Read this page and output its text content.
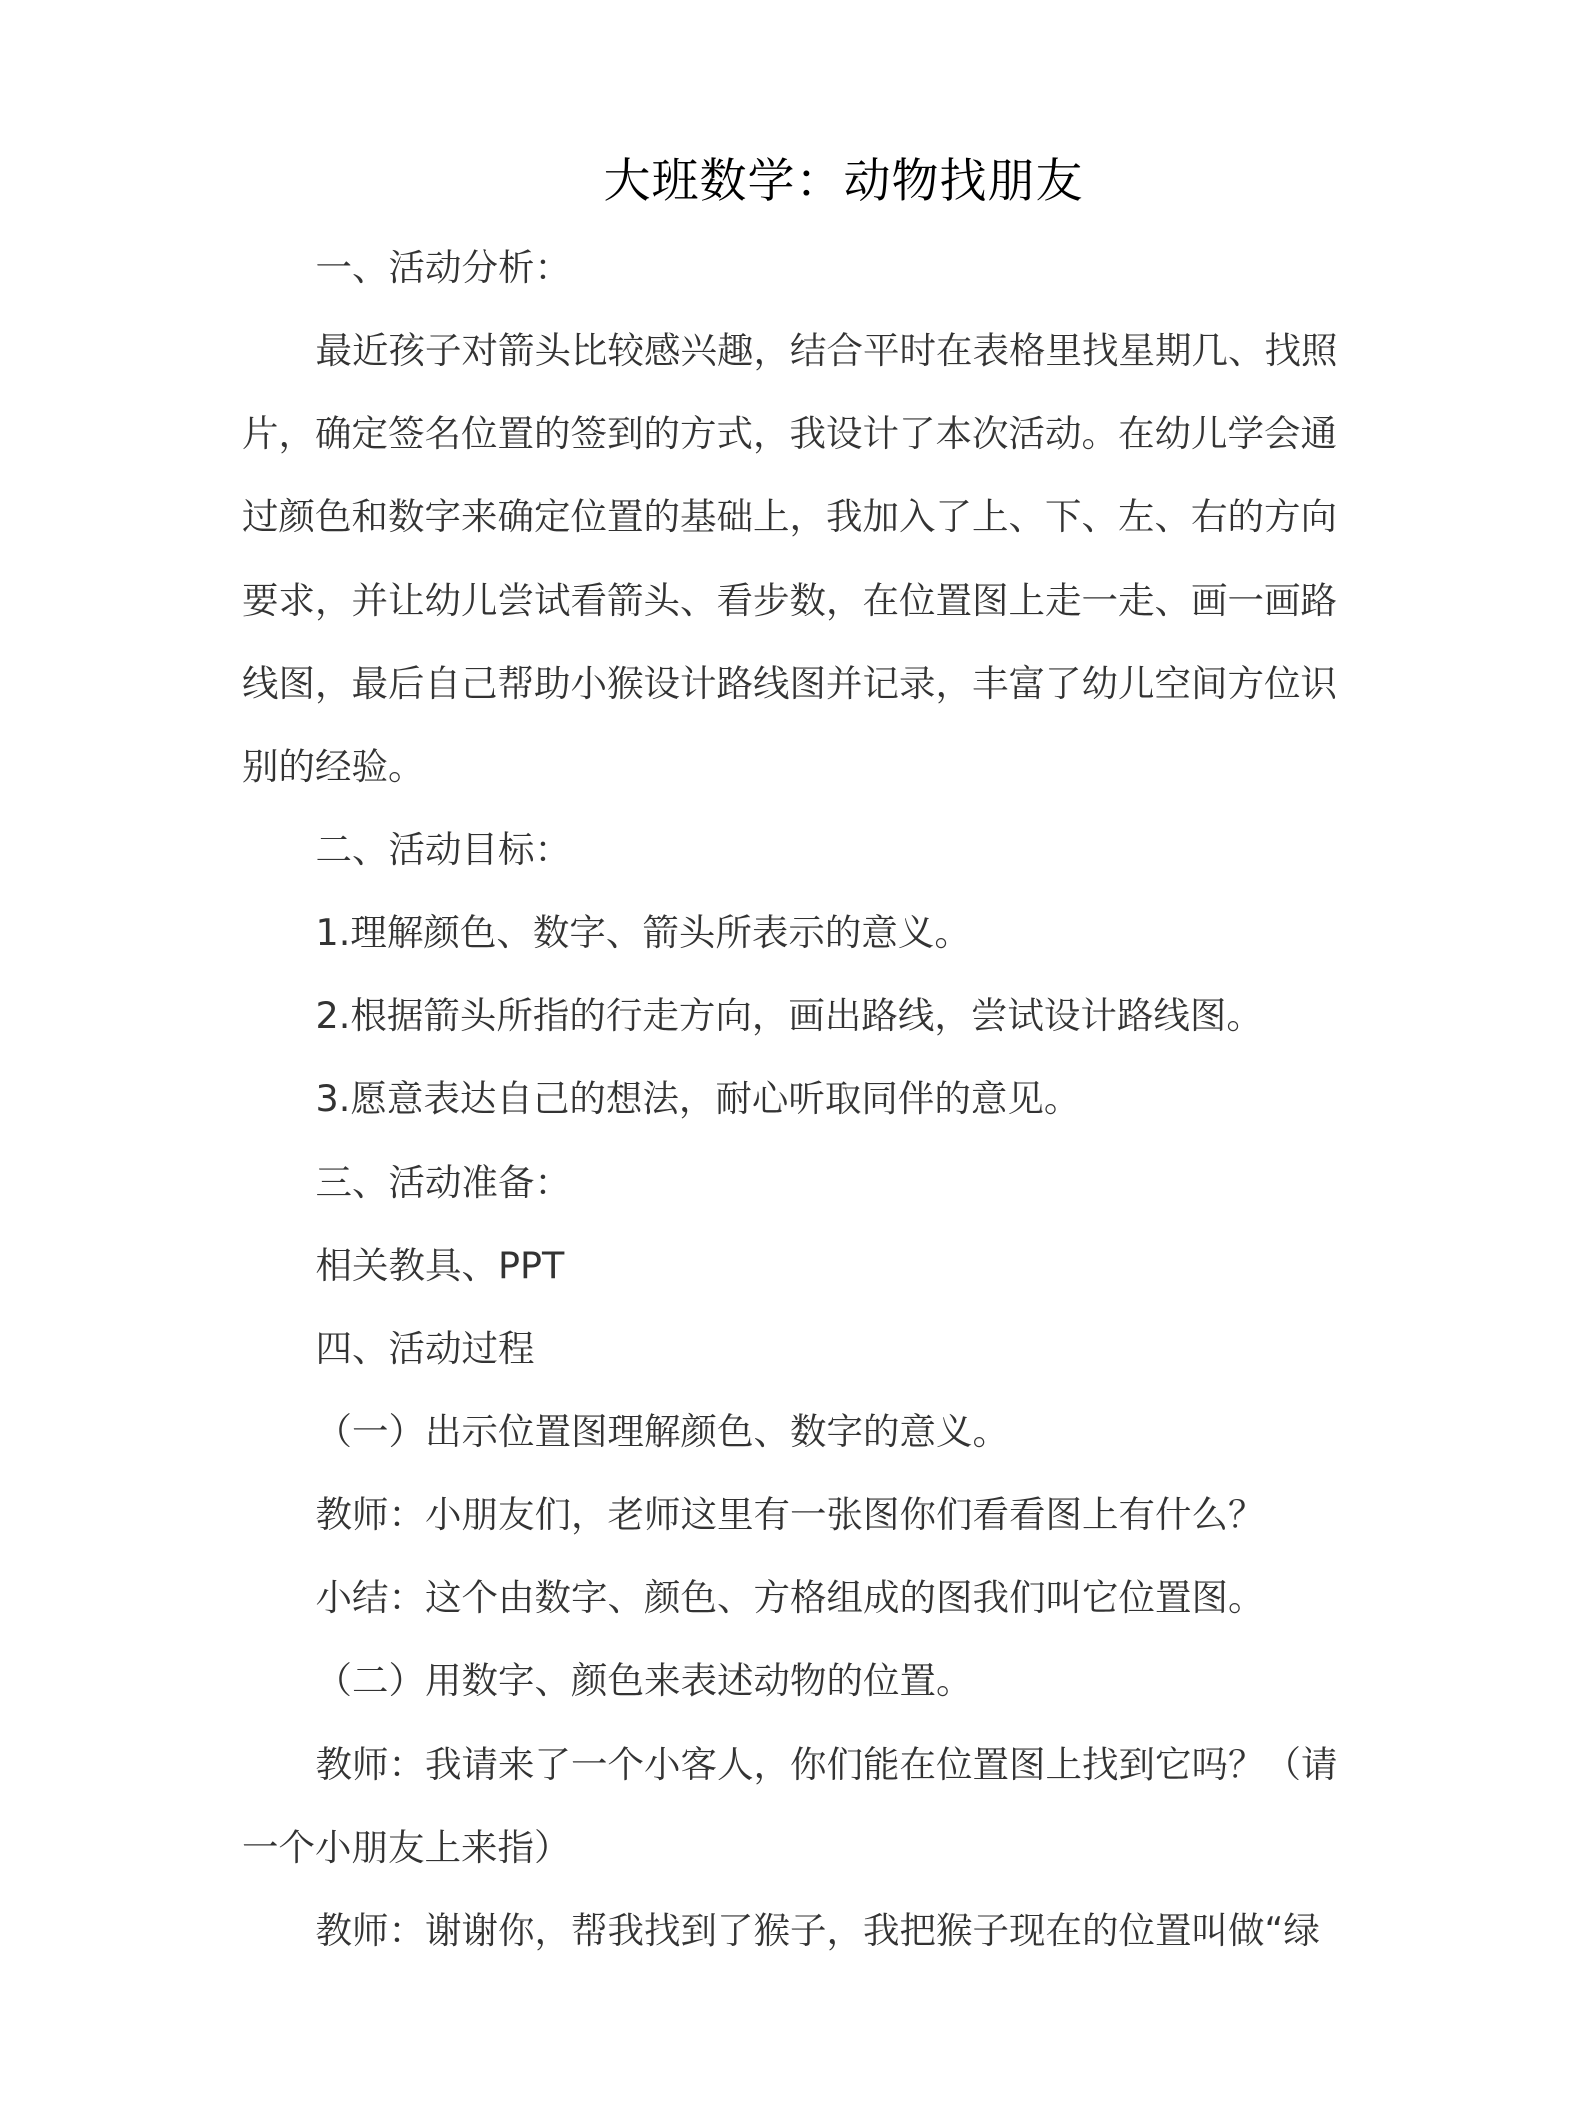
大班数学：动物找朋友
一、活动分析：
最近孩子对箭头比较感兴趣，结合平时在表格里找星期几、找照
片，确定签名位置的签到的方式，我设计了本次活动。在幼儿学会通
过颜色和数字来确定位置的基础上，我加入了上、下、左、右的方向
要求，并让幼儿尝试看箭头、看步数，在位置图上走一走、画一画路
线图，最后自己帮助小猴设计路线图并记录，丰富了幼儿空间方位识
别的经验。
二、活动目标：
1.理解颜色、数字、箭头所表示的意义。
2.根据箭头所指的行走方向，画出路线，尝试设计路线图。
3.愿意表达自己的想法，耐心听取同伴的意见。
三、活动准备：
相关教具、PPT
四、活动过程
（一）出示位置图理解颜色、数字的意义。
教师：小朋友们，老师这里有一张图你们看看图上有什么？
小结：这个由数字、颜色、方格组成的图我们叫它位置图。
（二）用数字、颜色来表述动物的位置。
教师：我请来了一个小客人，你们能在位置图上找到它吗？（请
一个小朋友上来指）
教师：谢谢你，帮我找到了猴子，我把猴子现在的位置叫做“绿
